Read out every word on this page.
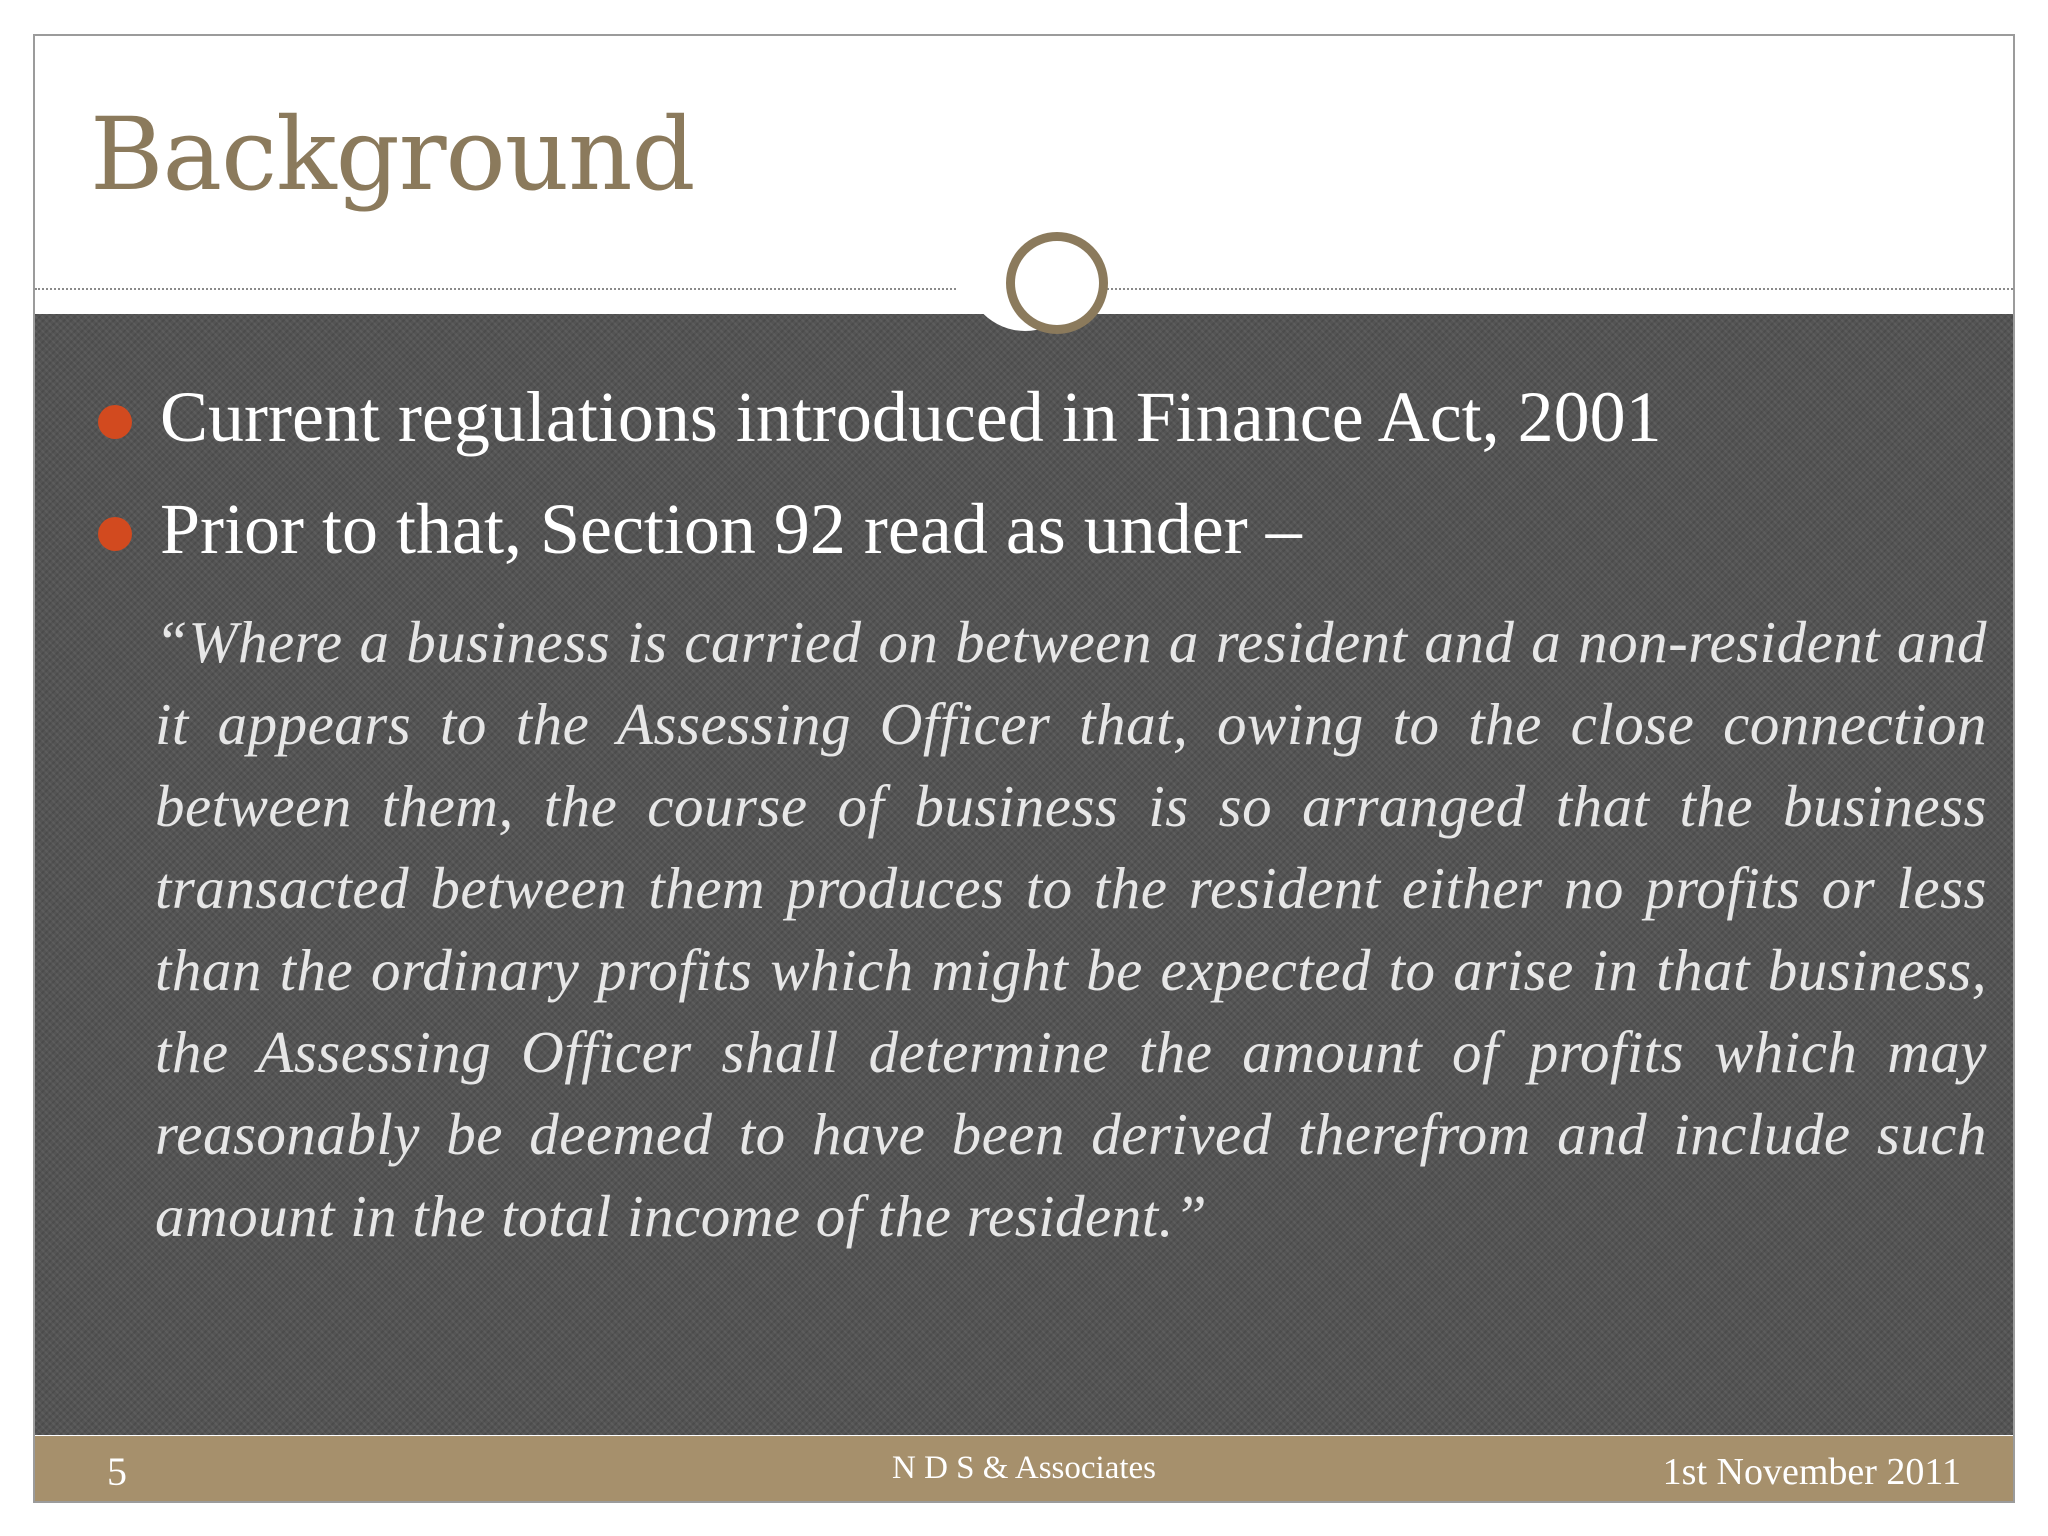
Background
Current regulations introduced in Finance Act, 2001
Prior to that, Section 92 read as under –

“Where a business is carried on between a resident and a non-resident and it appears to the Assessing Officer that, owing to the close connection between them, the course of business is so arranged that the business transacted between them produces to the resident either no profits or less than the ordinary profits which might be expected to arise in that business, the Assessing Officer shall determine the amount of profits which may reasonably be deemed to have been derived therefrom and include such amount in the total income of the resident.”

5	N D S & Associates	1st November 2011
